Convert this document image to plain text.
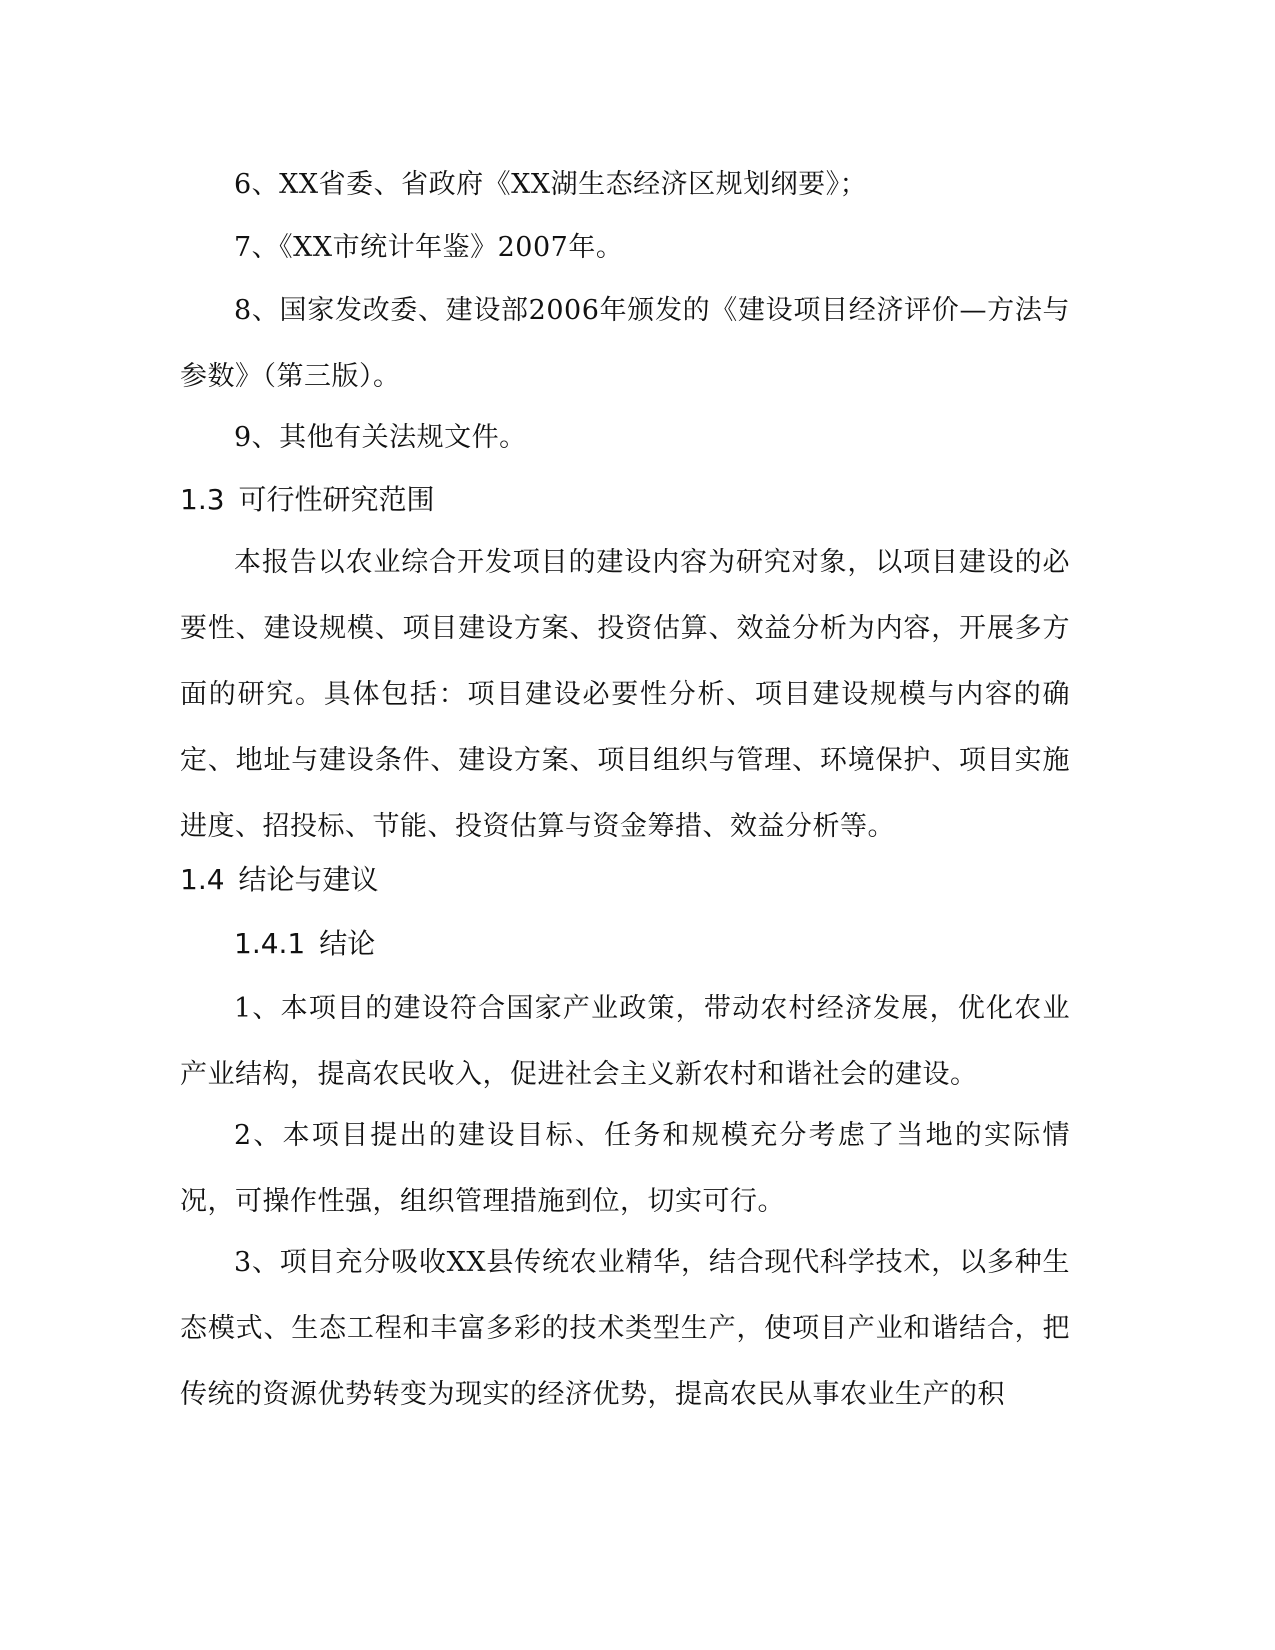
6、XX省委、省政府《XX湖生态经济区规划纲要》；

7、《XX市统计年鉴》2007年。

8、国家发改委、建设部2006年颁发的《建设项目经济评价—方法与参数》（第三版）。

9、其他有关法规文件。

1.3 可行性研究范围

本报告以农业综合开发项目的建设内容为研究对象，以项目建设的必要性、建设规模、项目建设方案、投资估算、效益分析为内容，开展多方面的研究。具体包括：项目建设必要性分析、项目建设规模与内容的确定、地址与建设条件、建设方案、项目组织与管理、环境保护、项目实施进度、招投标、节能、投资估算与资金筹措、效益分析等。

1.4 结论与建议
1.4.1 结论

1、本项目的建设符合国家产业政策，带动农村经济发展，优化农业产业结构，提高农民收入，促进社会主义新农村和谐社会的建设。

2、本项目提出的建设目标、任务和规模充分考虑了当地的实际情况，可操作性强，组织管理措施到位，切实可行。

3、项目充分吸收XX县传统农业精华，结合现代科学技术，以多种生态模式、生态工程和丰富多彩的技术类型生产，使项目产业和谐结合，把传统的资源优势转变为现实的经济优势，提高农民从事农业生产的积
